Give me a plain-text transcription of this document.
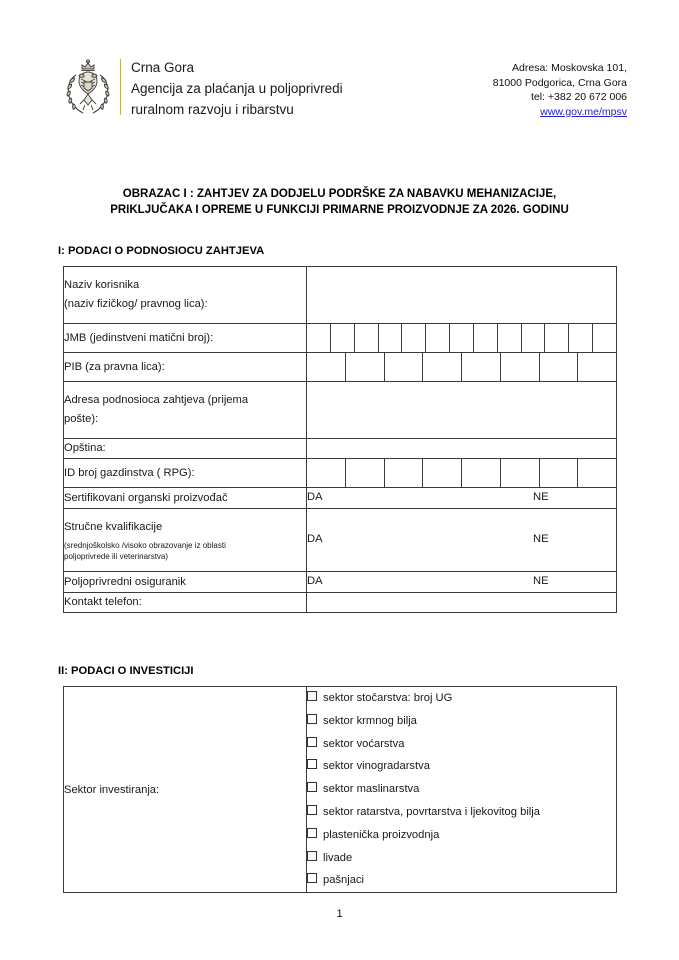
Crna Gora
Agencija za plaćanja u poljoprivredi
ruralnom razvoju i ribarstvu
Adresa: Moskovska 101,
81000 Podgorica, Crna Gora
tel: +382 20 672 006
www.gov.me/mpsv
OBRAZAC I : ZAHTJEV ZA DODJELU PODRŠKE ZA NABAVKU MEHANIZACIJE,
PRIKLJUČAKA I OPREME U FUNKCIJI PRIMARNE PROIZVODNJE ZA 2026. GODINU
I: PODACI O PODNOSIOCU ZAHTJEVA
Naziv korisnika
(naziv fizičkog/ pravnog lica):	

JMB (jedinstveni matični broj):	

PIB (za pravna lica):	

Adresa podnosioca zahtjeva (prijema
pošte):	

Opština:	
ID broj gazdinstva ( RPG):	

Sertifikovani organski proizvođač	DA NE

Stručne kvalifikacije
(srednjoškolsko /visoko obrazovanje iz oblasti
poljoprivrede ili veterinarstva)	DA NE

Poljoprivredni osiguranik	DA NE

Kontakt telefon:	
II: PODACI O INVESTICIJI
Sektor investiranja:	
sektor stočarstva: broj UG
sektor krmnog bilja
sektor voćarstva
sektor vinogradarstva
sektor maslinarstva
sektor ratarstva, povrtarstva i ljekovitog bilja
plastenička proizvodnja
livade
pašnjaci
1
